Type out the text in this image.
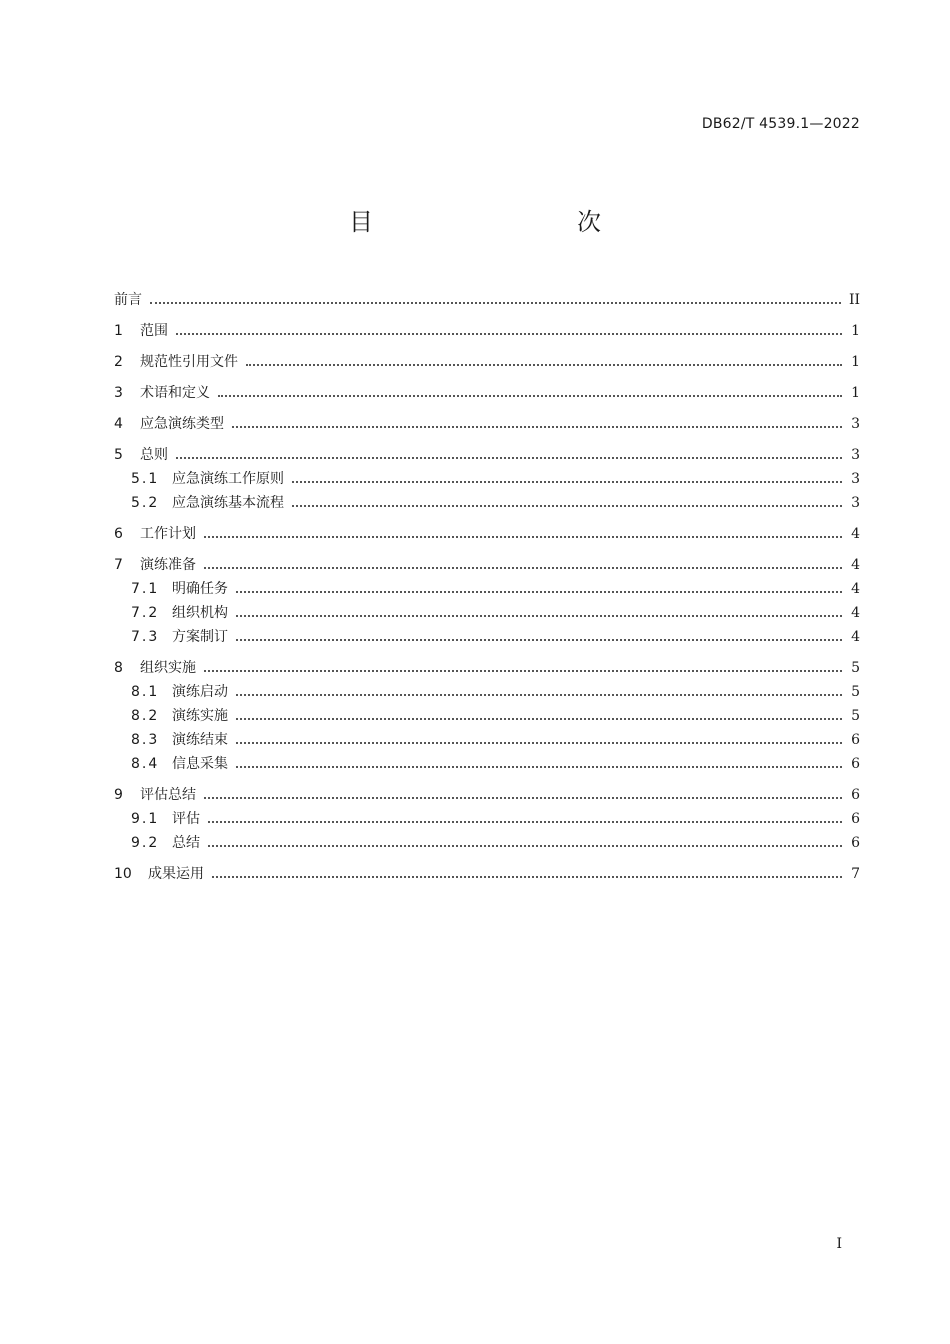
DB62/T 4539.1—2022
目　　次
前言	II
1	范围	1
2	规范性引用文件	1
3	术语和定义	1
4	应急演练类型	3
5	总则	3
5.1 应急演练工作原则	3
5.2 应急演练基本流程	3
6	工作计划	4
7	演练准备	4
7.1 明确任务	4
7.2 组织机构	4
7.3 方案制订	4
8	组织实施	5
8.1 演练启动	5
8.2 演练实施	5
8.3 演练结束	6
8.4 信息采集	6
9	评估总结	6
9.1 评估	6
9.2 总结	6
10	成果运用	7
I
